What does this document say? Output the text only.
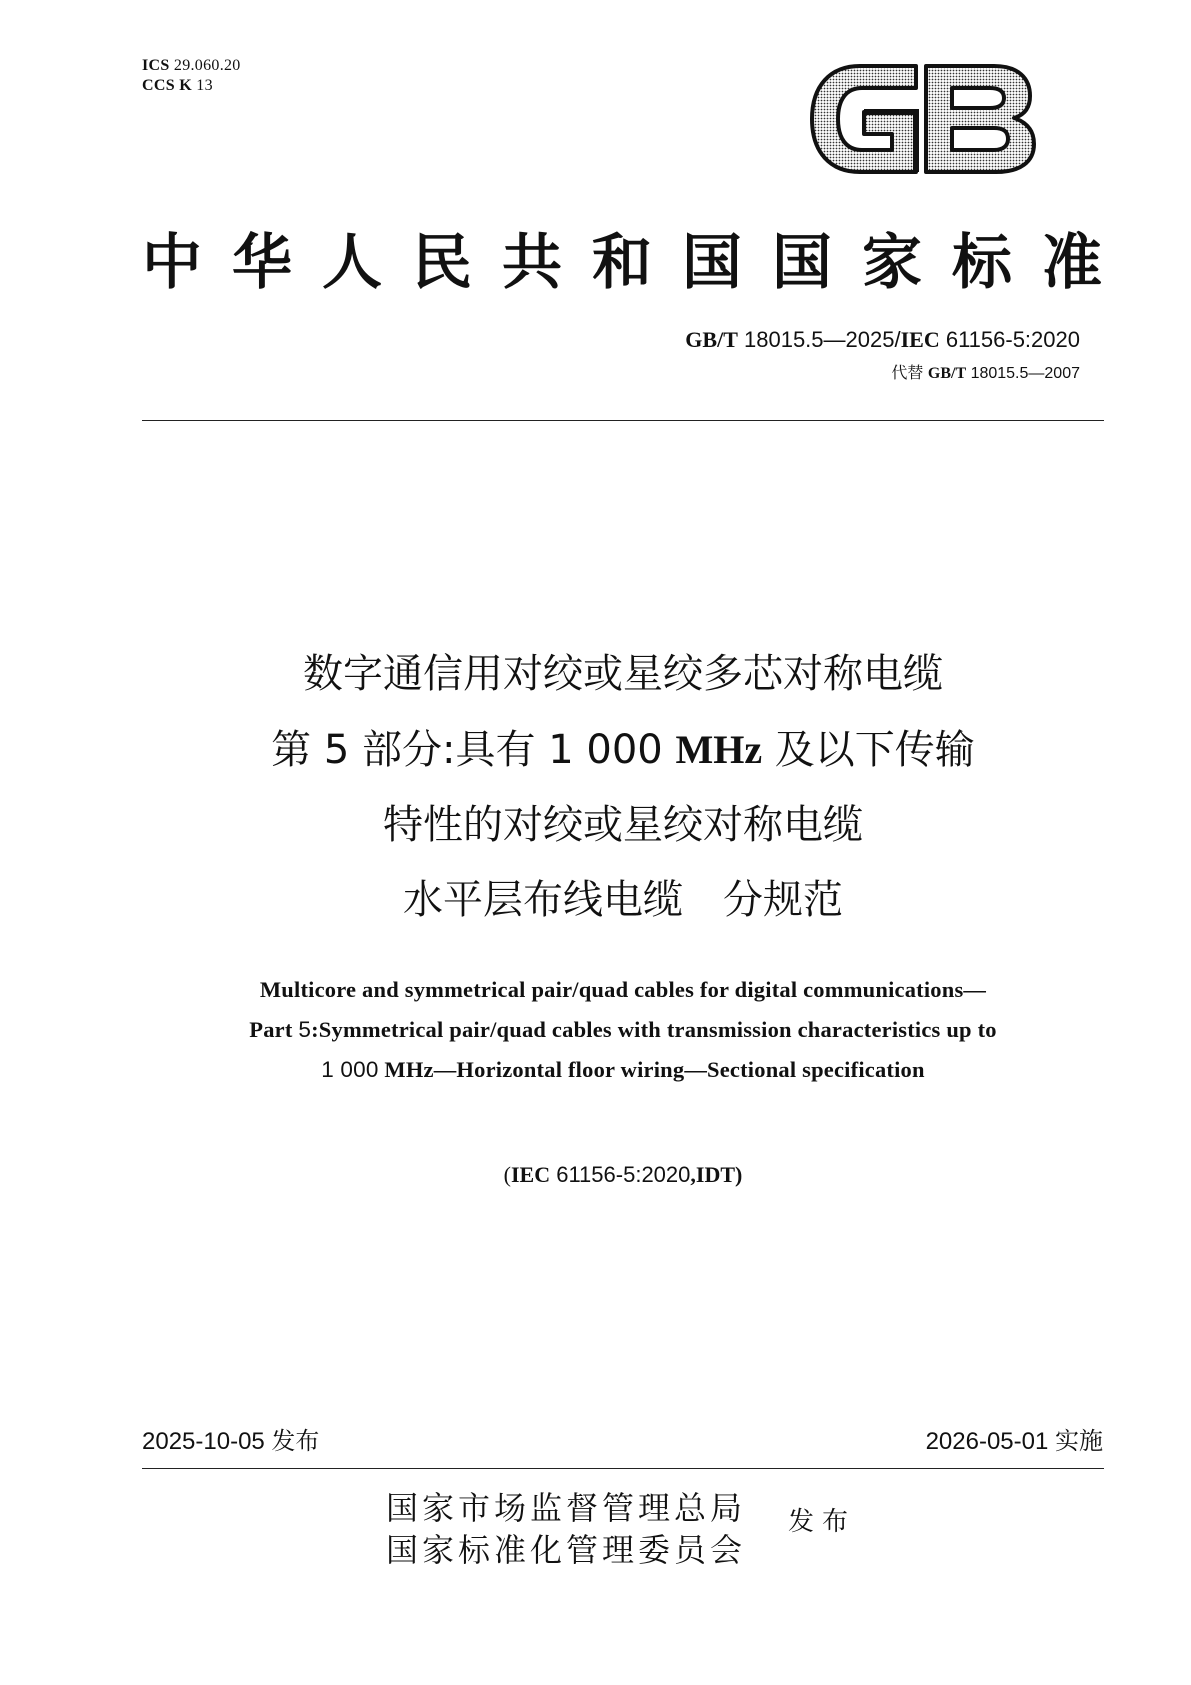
ICS 29.060.20
CCS K 13
中华人民共和国国家标准
GB/T 18015.5—2025/IEC 61156-5:2020
代替 GB/T 18015.5—2007
数字通信用对绞或星绞多芯对称电缆
第 5 部分:具有 1 000 MHz 及以下传输
特性的对绞或星绞对称电缆
水平层布线电缆　分规范
Multicore and symmetrical pair/quad cables for digital communications—
Part 5:Symmetrical pair/quad cables with transmission characteristics up to
1 000 MHz—Horizontal floor wiring—Sectional specification
(IEC 61156-5:2020,IDT)
2025-10-05 发布	2026-05-01 实施
国家市场监督管理总局
国家标准化管理委员会
发布
